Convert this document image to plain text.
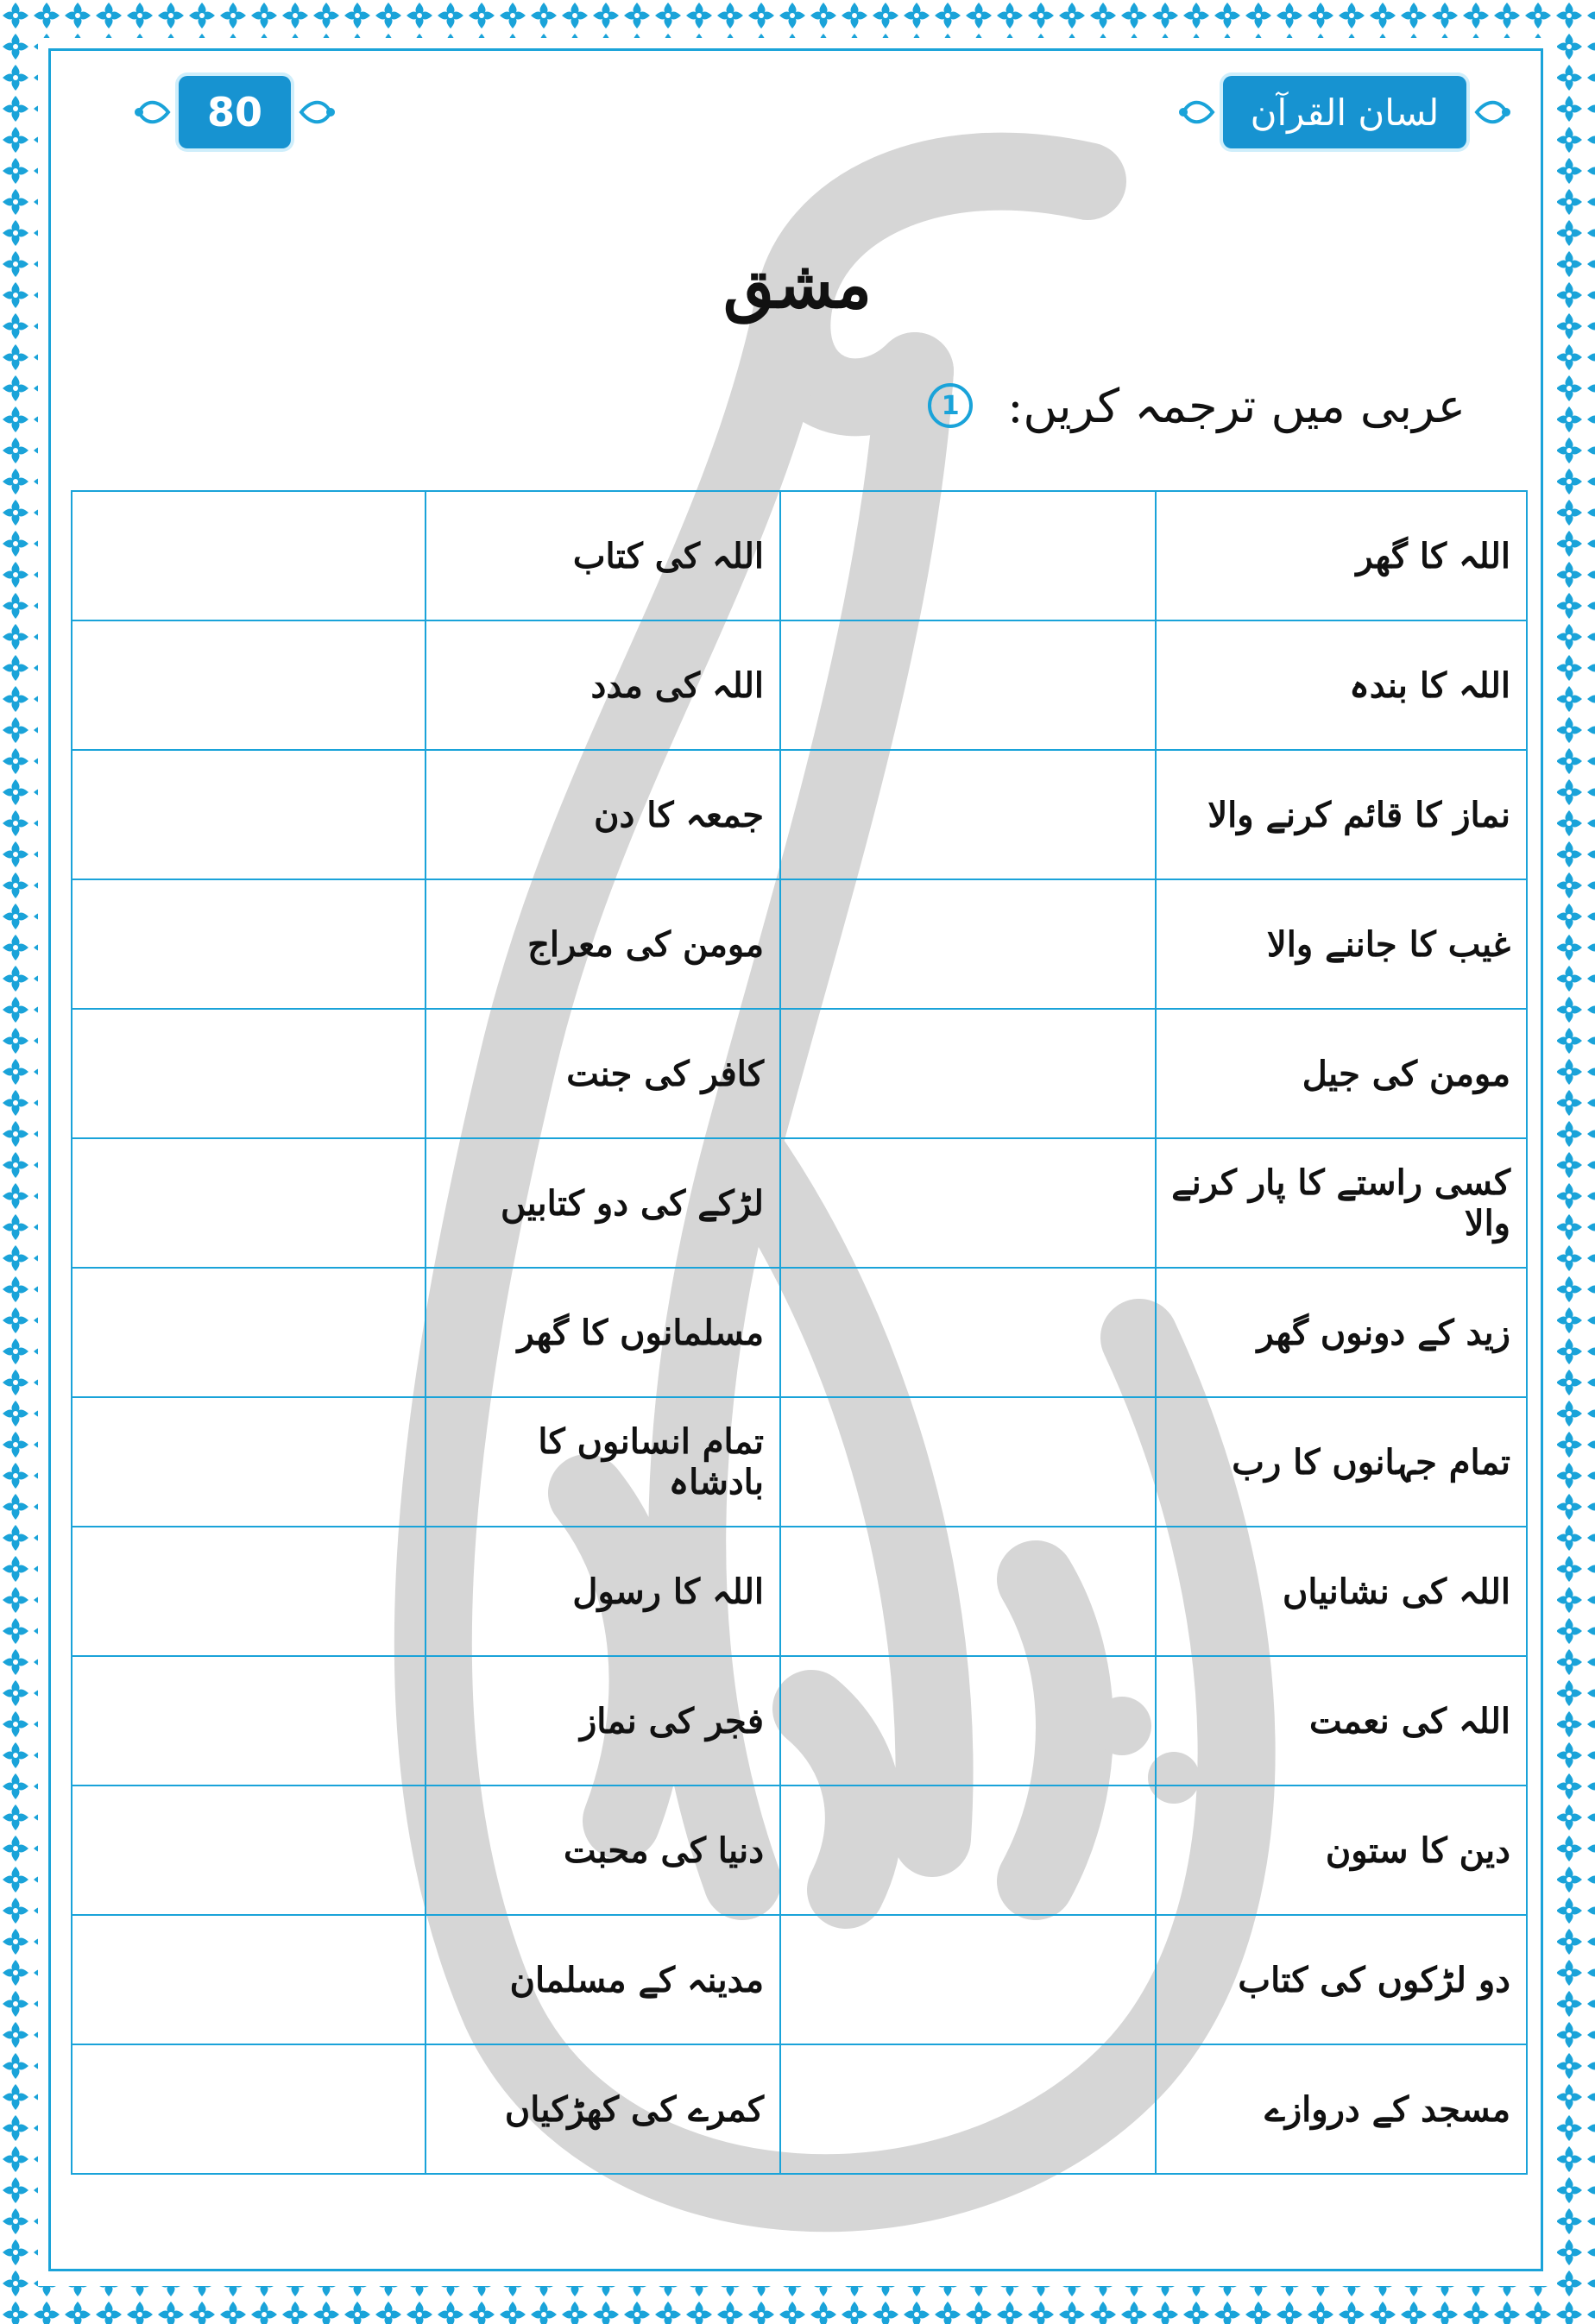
80	لسان القرآن
مشق
1 عربی میں ترجمہ کریں:
اللہ کا گھر		اللہ کی کتاب	
اللہ کا بندہ		اللہ کی مدد	
نماز کا قائم کرنے والا		جمعہ کا دن	
غیب کا جاننے والا		مومن کی معراج	
مومن کی جیل		کافر کی جنت	
کسی راستے کا پار کرنے والا		لڑکے کی دو کتابیں	
زید کے دونوں گھر		مسلمانوں کا گھر	
تمام جہانوں کا رب		تمام انسانوں کا بادشاہ	
اللہ کی نشانیاں		اللہ کا رسول	
اللہ کی نعمت		فجر کی نماز	
دین کا ستون		دنیا کی محبت	
دو لڑکوں کی کتاب		مدینہ کے مسلمان	
مسجد کے دروازے		کمرے کی کھڑکیاں	
